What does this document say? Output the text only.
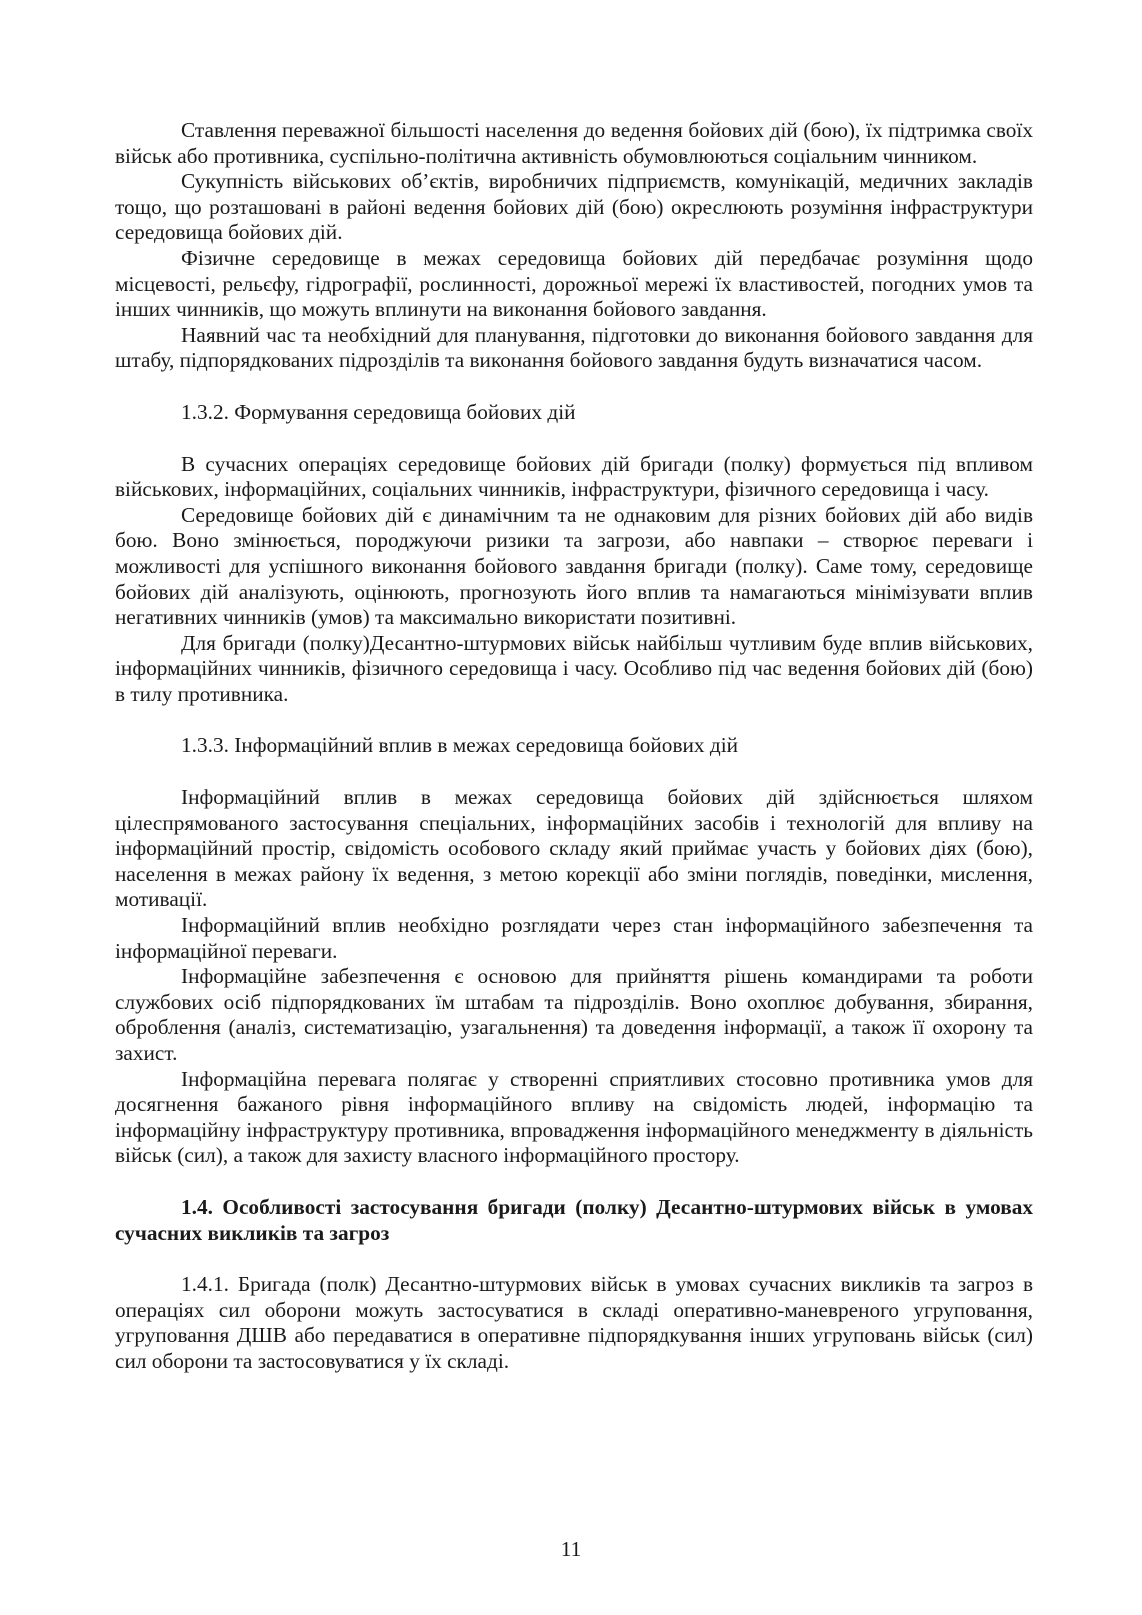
Ставлення переважної більшості населення до ведення бойових дій (бою), їх підтримка своїх військ або противника, суспільно-політична активність обумовлюються соціальним чинником.

Сукупність військових об’єктів, виробничих підприємств, комунікацій, медичних закладів тощо, що розташовані в районі ведення бойових дій (бою) окреслюють розуміння інфраструктури середовища бойових дій.

Фізичне середовище в межах середовища бойових дій передбачає розуміння щодо місцевості, рельєфу, гідрографії, рослинності, дорожньої мережі їх властивостей, погодних умов та інших чинників, що можуть вплинути на виконання бойового завдання.

Наявний час та необхідний для планування, підготовки до виконання бойового завдання для штабу, підпорядкованих підрозділів та виконання бойового завдання будуть визначатися часом.

1.3.2. Формування середовища бойових дій

В сучасних операціях середовище бойових дій бригади (полку) формується під впливом військових, інформаційних, соціальних чинників, інфраструктури, фізичного середовища і часу.

Середовище бойових дій є динамічним та не однаковим для різних бойових дій або видів бою. Воно змінюється, породжуючи ризики та загрози, або навпаки – створює переваги і можливості для успішного виконання бойового завдання бригади (полку). Саме тому, середовище бойових дій аналізують, оцінюють, прогнозують його вплив та намагаються мінімізувати вплив негативних чинників (умов) та максимально використати позитивні.

Для бригади (полку)Десантно-штурмових військ найбільш чутливим буде вплив військових, інформаційних чинників, фізичного середовища і часу. Особливо під час ведення бойових дій (бою) в тилу противника.

1.3.3. Інформаційний вплив в межах середовища бойових дій

Інформаційний вплив в межах середовища бойових дій здійснюється шляхом цілеспрямованого застосування спеціальних, інформаційних засобів і технологій для впливу на інформаційний простір, свідомість особового складу який приймає участь у бойових діях (бою), населення в межах району їх ведення, з метою корекції або зміни поглядів, поведінки, мислення, мотивації.

Інформаційний вплив необхідно розглядати через стан інформаційного забезпечення та інформаційної переваги.

Інформаційне забезпечення є основою для прийняття рішень командирами та роботи службових осіб підпорядкованих їм штабам та підрозділів. Воно охоплює добування, збирання, оброблення (аналіз, систематизацію, узагальнення) та доведення інформації, а також її охорону та захист.

Інформаційна перевага полягає у створенні сприятливих стосовно противника умов для досягнення бажаного рівня інформаційного впливу на свідомість людей, інформацію та інформаційну інфраструктуру противника, впровадження інформаційного менеджменту в діяльність військ (сил), а також для захисту власного інформаційного простору.

1.4. Особливості застосування бригади (полку) Десантно-штурмових військ в умовах сучасних викликів та загроз

1.4.1. Бригада (полк) Десантно-штурмових військ в умовах сучасних викликів та загроз в операціях сил оборони можуть застосуватися в складі оперативно-маневреного угруповання, угруповання ДШВ або передаватися в оперативне підпорядкування інших угруповань військ (сил) сил оборони та застосовуватися у їх складі.

11
